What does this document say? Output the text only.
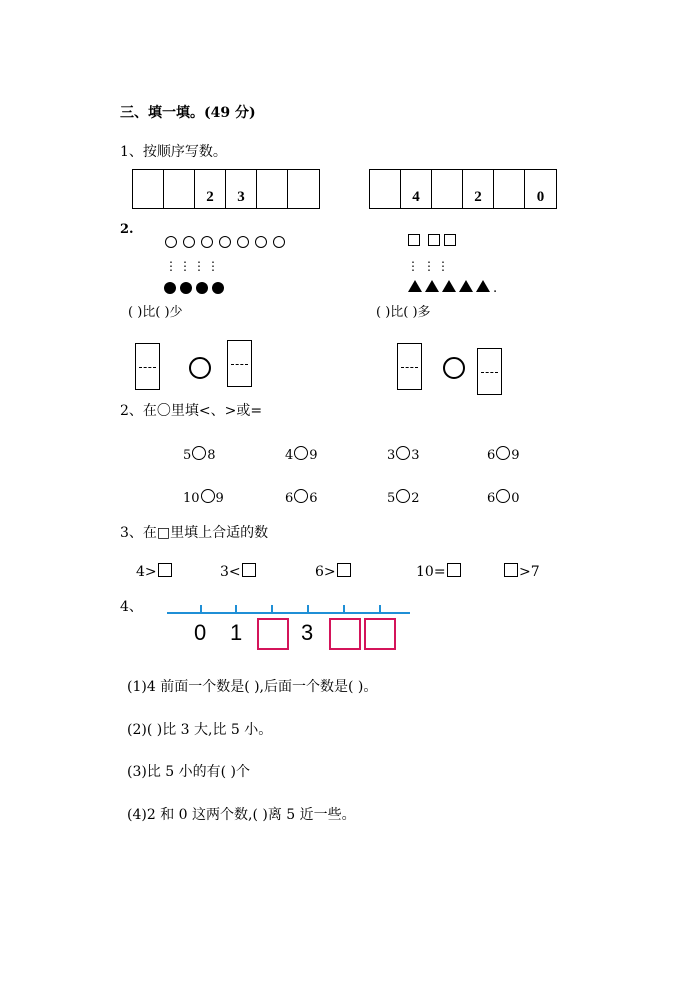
三、填一填。(49 分)
1、按顺序写数。
2	3	4	2	0
2.
⋮ ⋮ ⋮ ⋮	⋮ ⋮ ⋮
.
( )比( )少	( )比( )多
2、在〇里填<、>或=
5 8	4 9	3 3	6 9
10 9	6 6	5 2	6 0
3、在□里填上合适的数
4>	3<	6>	10=	>7
4、
0 1	3
(1)4 前面一个数是( ),后面一个数是( )。
(2)( )比 3 大,比 5 小。
(3)比 5 小的有( )个
(4)2 和 0 这两个数,( )离 5 近一些。
